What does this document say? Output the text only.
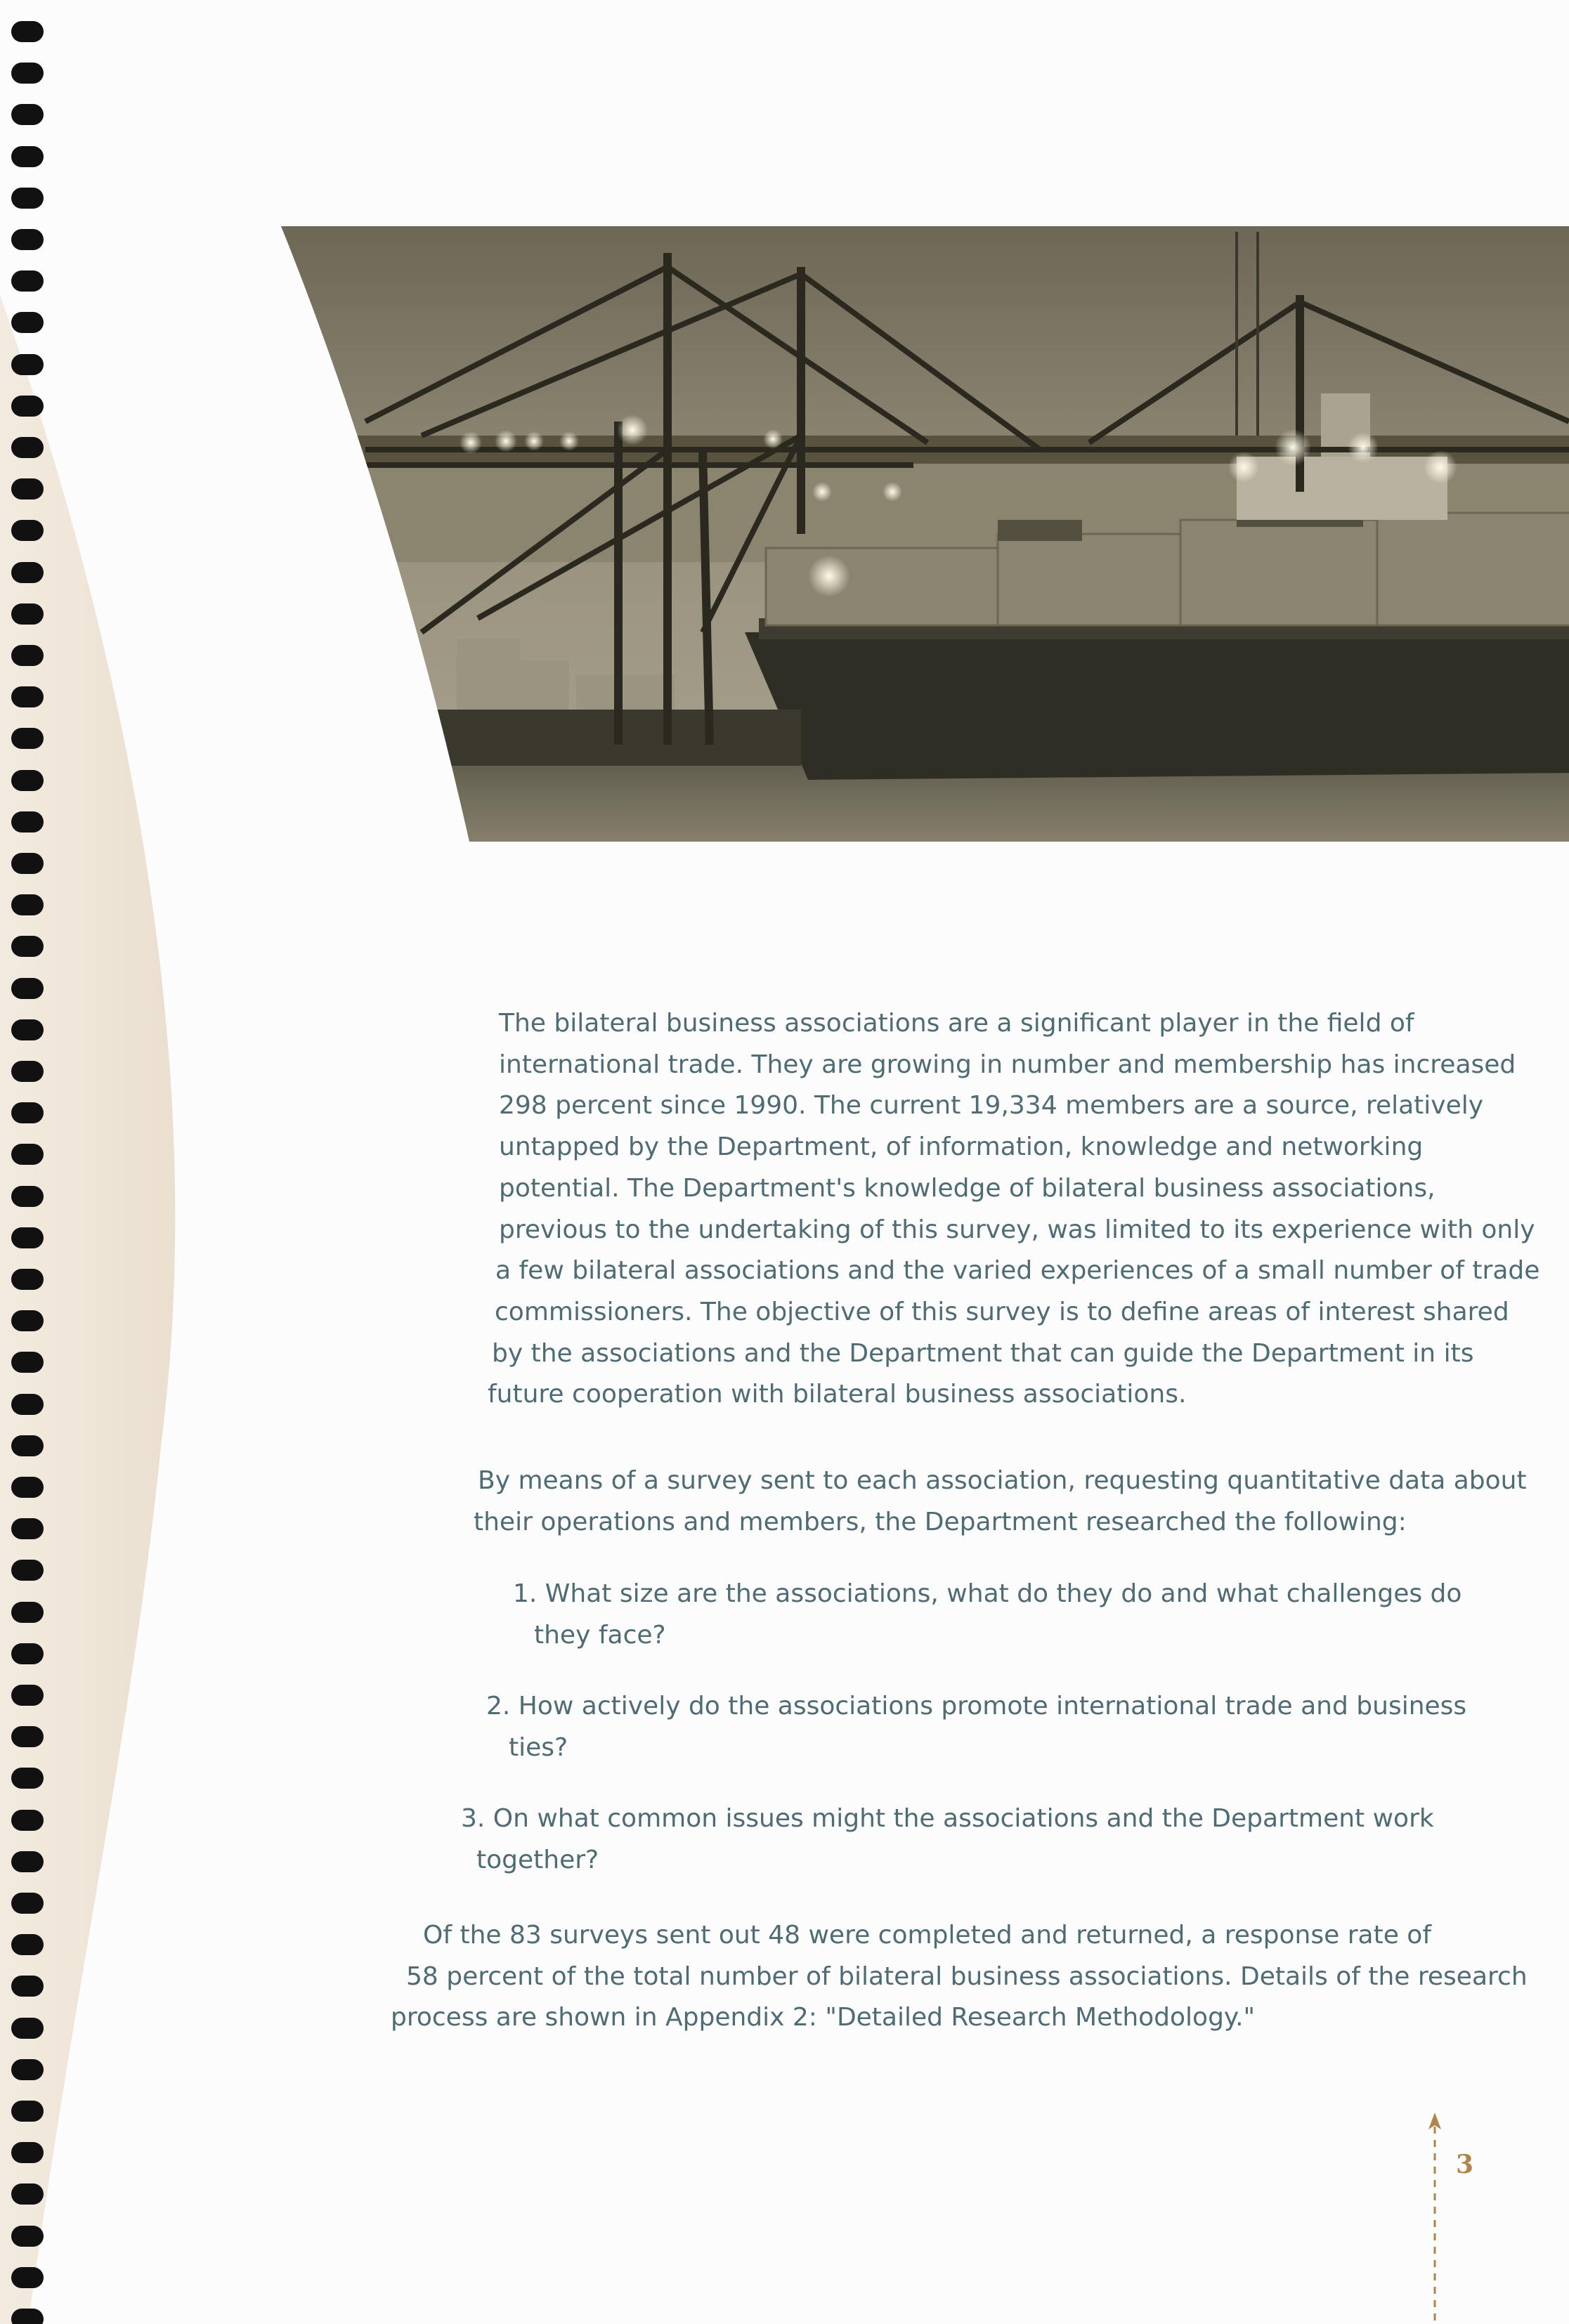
The bilateral business associations are a significant player in the field of
international trade. They are growing in number and membership has increased
298 percent since 1990. The current 19,334 members are a source, relatively
untapped by the Department, of information, knowledge and networking
potential. The Department's knowledge of bilateral business associations,
previous to the undertaking of this survey, was limited to its experience with only
a few bilateral associations and the varied experiences of a small number of trade
commissioners. The objective of this survey is to define areas of interest shared
by the associations and the Department that can guide the Department in its
future cooperation with bilateral business associations.
By means of a survey sent to each association, requesting quantitative data about
their operations and members, the Department researched the following:
1. What size are the associations, what do they do and what challenges do
they face?
2. How actively do the associations promote international trade and business
ties?
3. On what common issues might the associations and the Department work
together?
Of the 83 surveys sent out 48 were completed and returned, a response rate of
58 percent of the total number of bilateral business associations. Details of the research
process are shown in Appendix 2: "Detailed Research Methodology."
3
